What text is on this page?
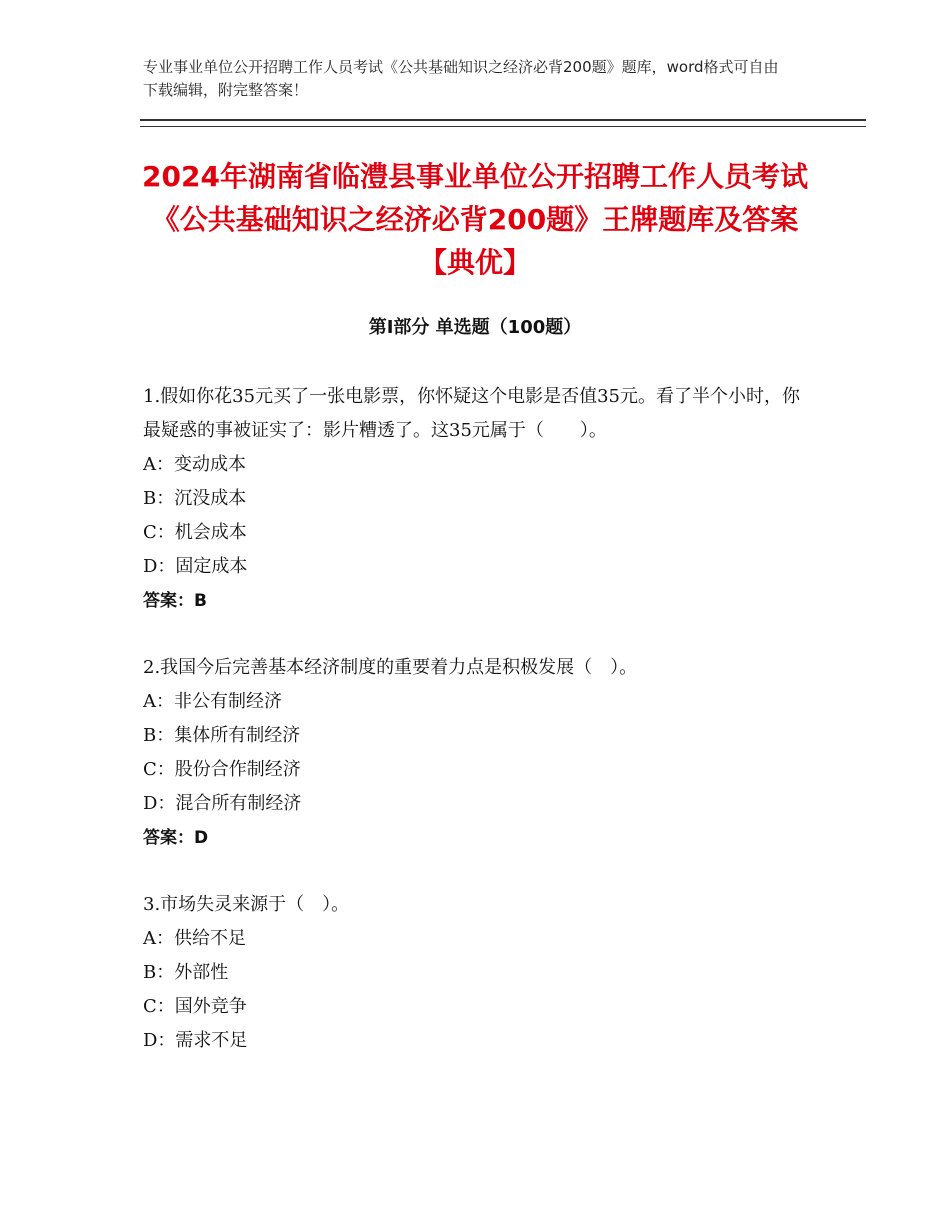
专业事业单位公开招聘工作人员考试《公共基础知识之经济必背200题》题库，word格式可自由下载编辑，附完整答案！
2024年湖南省临澧县事业单位公开招聘工作人员考试《公共基础知识之经济必背200题》王牌题库及答案【典优】
第Ⅰ部分 单选题（100题）
1.假如你花35元买了一张电影票，你怀疑这个电影是否值35元。看了半个小时，你最疑惑的事被证实了：影片糟透了。这35元属于（　　）。
A：变动成本
B：沉没成本
C：机会成本
D：固定成本
答案：B
2.我国今后完善基本经济制度的重要着力点是积极发展（　）。
A：非公有制经济
B：集体所有制经济
C：股份合作制经济
D：混合所有制经济
答案：D
3.市场失灵来源于（　）。
A：供给不足
B：外部性
C：国外竞争
D：需求不足
